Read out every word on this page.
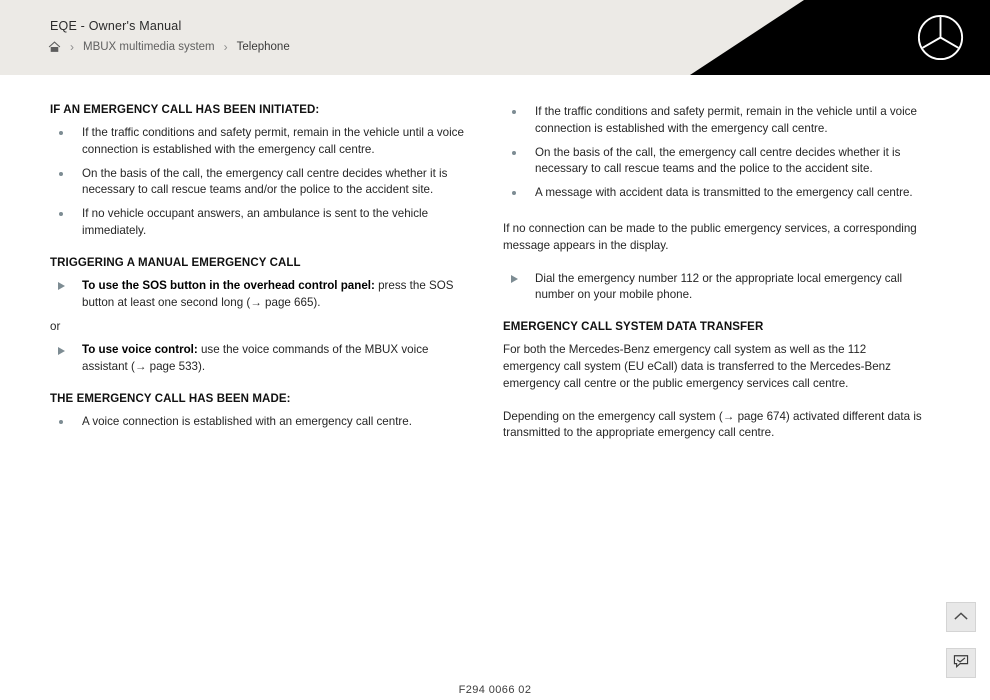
EQE - Owner's Manual
› MBUX multimedia system › Telephone
IF AN EMERGENCY CALL HAS BEEN INITIATED:
If the traffic conditions and safety permit, remain in the vehicle until a voice connection is established with the emergency call centre.
On the basis of the call, the emergency call centre decides whether it is necessary to call rescue teams and/or the police to the accident site.
If no vehicle occupant answers, an ambulance is sent to the vehicle immediately.
TRIGGERING A MANUAL EMERGENCY CALL
To use the SOS button in the overhead control panel: press the SOS button at least one second long (→ page 665).

or

To use voice control: use the voice commands of the MBUX voice assistant (→ page 533).
THE EMERGENCY CALL HAS BEEN MADE:
A voice connection is established with an emergency call centre.
If the traffic conditions and safety permit, remain in the vehicle until a voice connection is established with the emergency call centre.
On the basis of the call, the emergency call centre decides whether it is necessary to call rescue teams and the police to the accident site.
A message with accident data is transmitted to the emergency call centre.

If no connection can be made to the public emergency services, a corresponding message appears in the display.

Dial the emergency number 112 or the appropriate local emergency call number on your mobile phone.
EMERGENCY CALL SYSTEM DATA TRANSFER

For both the Mercedes-Benz emergency call system as well as the 112 emergency call system (EU eCall) data is transferred to the Mercedes-Benz emergency call centre or the public emergency services call centre.

Depending on the emergency call system (→ page 674) activated different data is transmitted to the appropriate emergency call centre.

F294 0066 02
